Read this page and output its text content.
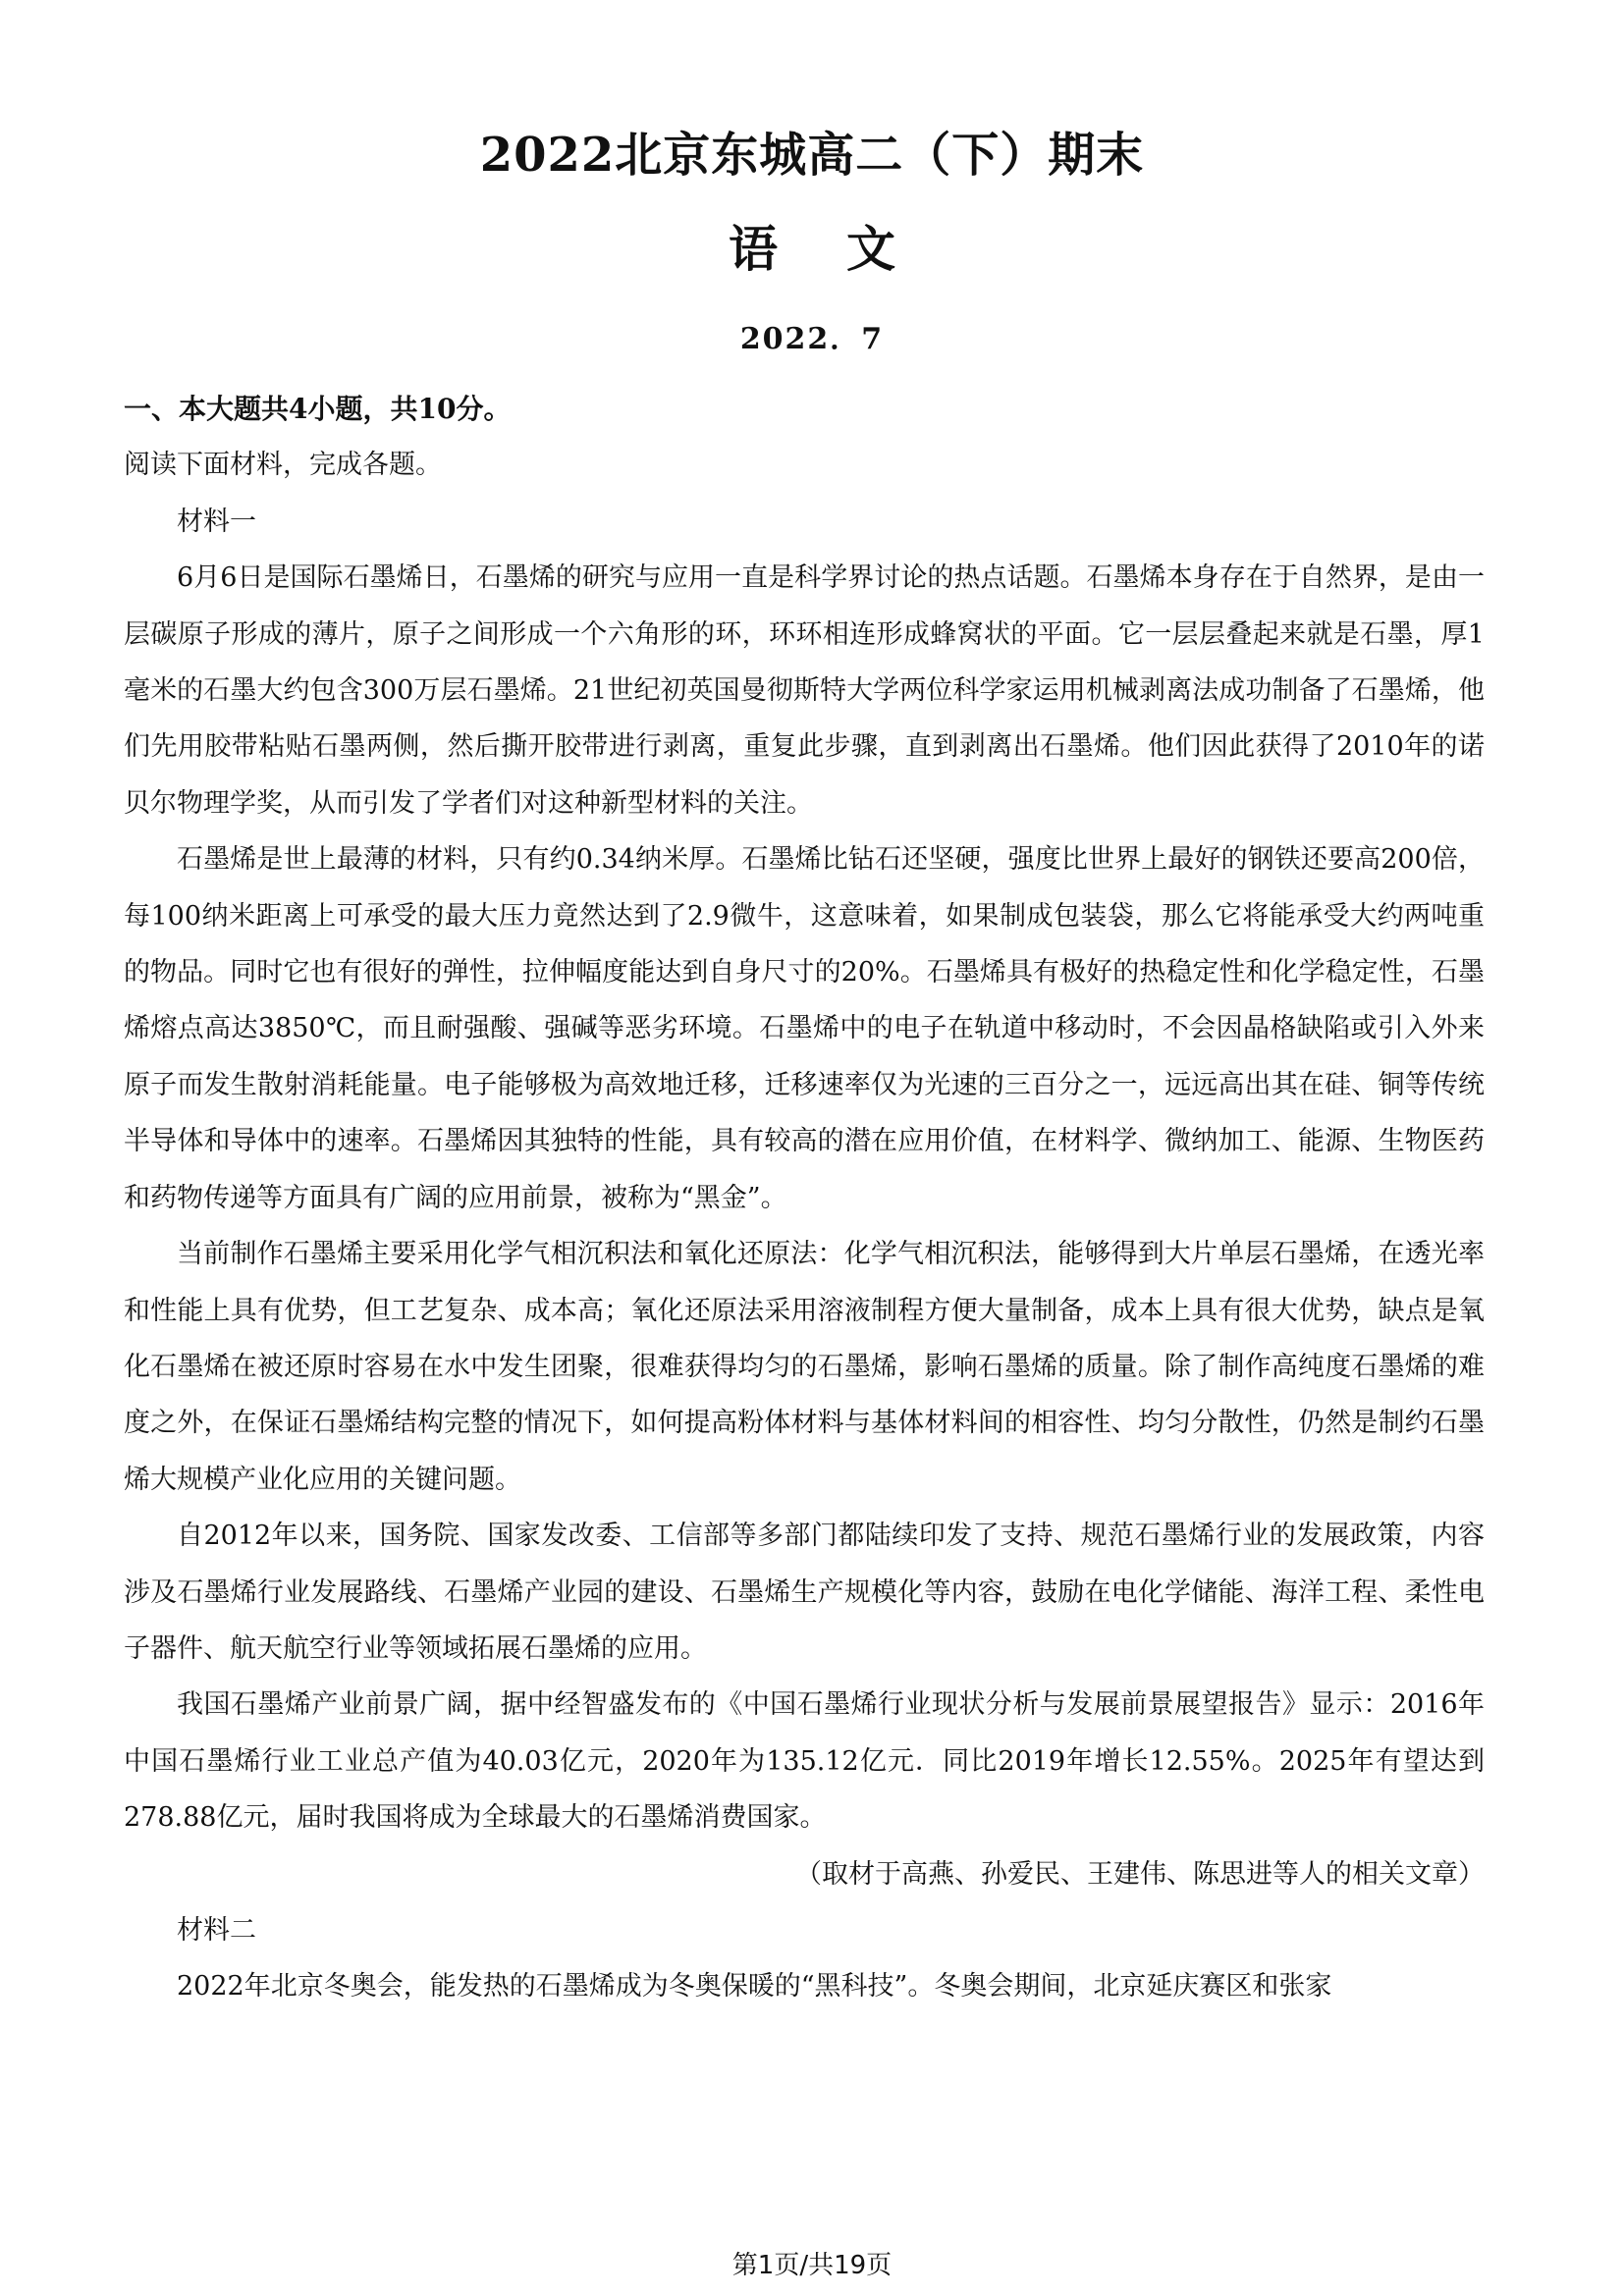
2022北京东城高二（下）期末
语文
2022．7

一、本大题共4小题，共10分。

阅读下面材料，完成各题。

材料一

6月6日是国际石墨烯日，石墨烯的研究与应用一直是科学界讨论的热点话题。石墨烯本身存在于自然界，是由一层碳原子形成的薄片，原子之间形成一个六角形的环，环环相连形成蜂窝状的平面。它一层层叠起来就是石墨，厚1毫米的石墨大约包含300万层石墨烯。21世纪初英国曼彻斯特大学两位科学家运用机械剥离法成功制备了石墨烯，他们先用胶带粘贴石墨两侧，然后撕开胶带进行剥离，重复此步骤，直到剥离出石墨烯。他们因此获得了2010年的诺贝尔物理学奖，从而引发了学者们对这种新型材料的关注。

石墨烯是世上最薄的材料，只有约0.34纳米厚。石墨烯比钻石还坚硬，强度比世界上最好的钢铁还要高200倍，每100纳米距离上可承受的最大压力竟然达到了2.9微牛，这意味着，如果制成包装袋，那么它将能承受大约两吨重的物品。同时它也有很好的弹性，拉伸幅度能达到自身尺寸的20%。石墨烯具有极好的热稳定性和化学稳定性，石墨烯熔点高达3850℃，而且耐强酸、强碱等恶劣环境。石墨烯中的电子在轨道中移动时，不会因晶格缺陷或引入外来原子而发生散射消耗能量。电子能够极为高效地迁移，迁移速率仅为光速的三百分之一，远远高出其在硅、铜等传统半导体和导体中的速率。石墨烯因其独特的性能，具有较高的潜在应用价值，在材料学、微纳加工、能源、生物医药和药物传递等方面具有广阔的应用前景，被称为“黑金”。

当前制作石墨烯主要采用化学气相沉积法和氧化还原法：化学气相沉积法，能够得到大片单层石墨烯，在透光率和性能上具有优势，但工艺复杂、成本高；氧化还原法采用溶液制程方便大量制备，成本上具有很大优势，缺点是氧化石墨烯在被还原时容易在水中发生团聚，很难获得均匀的石墨烯，影响石墨烯的质量。除了制作高纯度石墨烯的难度之外，在保证石墨烯结构完整的情况下，如何提高粉体材料与基体材料间的相容性、均匀分散性，仍然是制约石墨烯大规模产业化应用的关键问题。

自2012年以来，国务院、国家发改委、工信部等多部门都陆续印发了支持、规范石墨烯行业的发展政策，内容涉及石墨烯行业发展路线、石墨烯产业园的建设、石墨烯生产规模化等内容，鼓励在电化学储能、海洋工程、柔性电子器件、航天航空行业等领域拓展石墨烯的应用。

我国石墨烯产业前景广阔，据中经智盛发布的《中国石墨烯行业现状分析与发展前景展望报告》显示：2016年中国石墨烯行业工业总产值为40.03亿元，2020年为135.12亿元．同比2019年增长12.55%。2025年有望达到278.88亿元，届时我国将成为全球最大的石墨烯消费国家。

（取材于高燕、孙爱民、王建伟、陈思进等人的相关文章）

材料二

2022年北京冬奥会，能发热的石墨烯成为冬奥保暖的“黑科技”。冬奥会期间，北京延庆赛区和张家

第1页/共19页
